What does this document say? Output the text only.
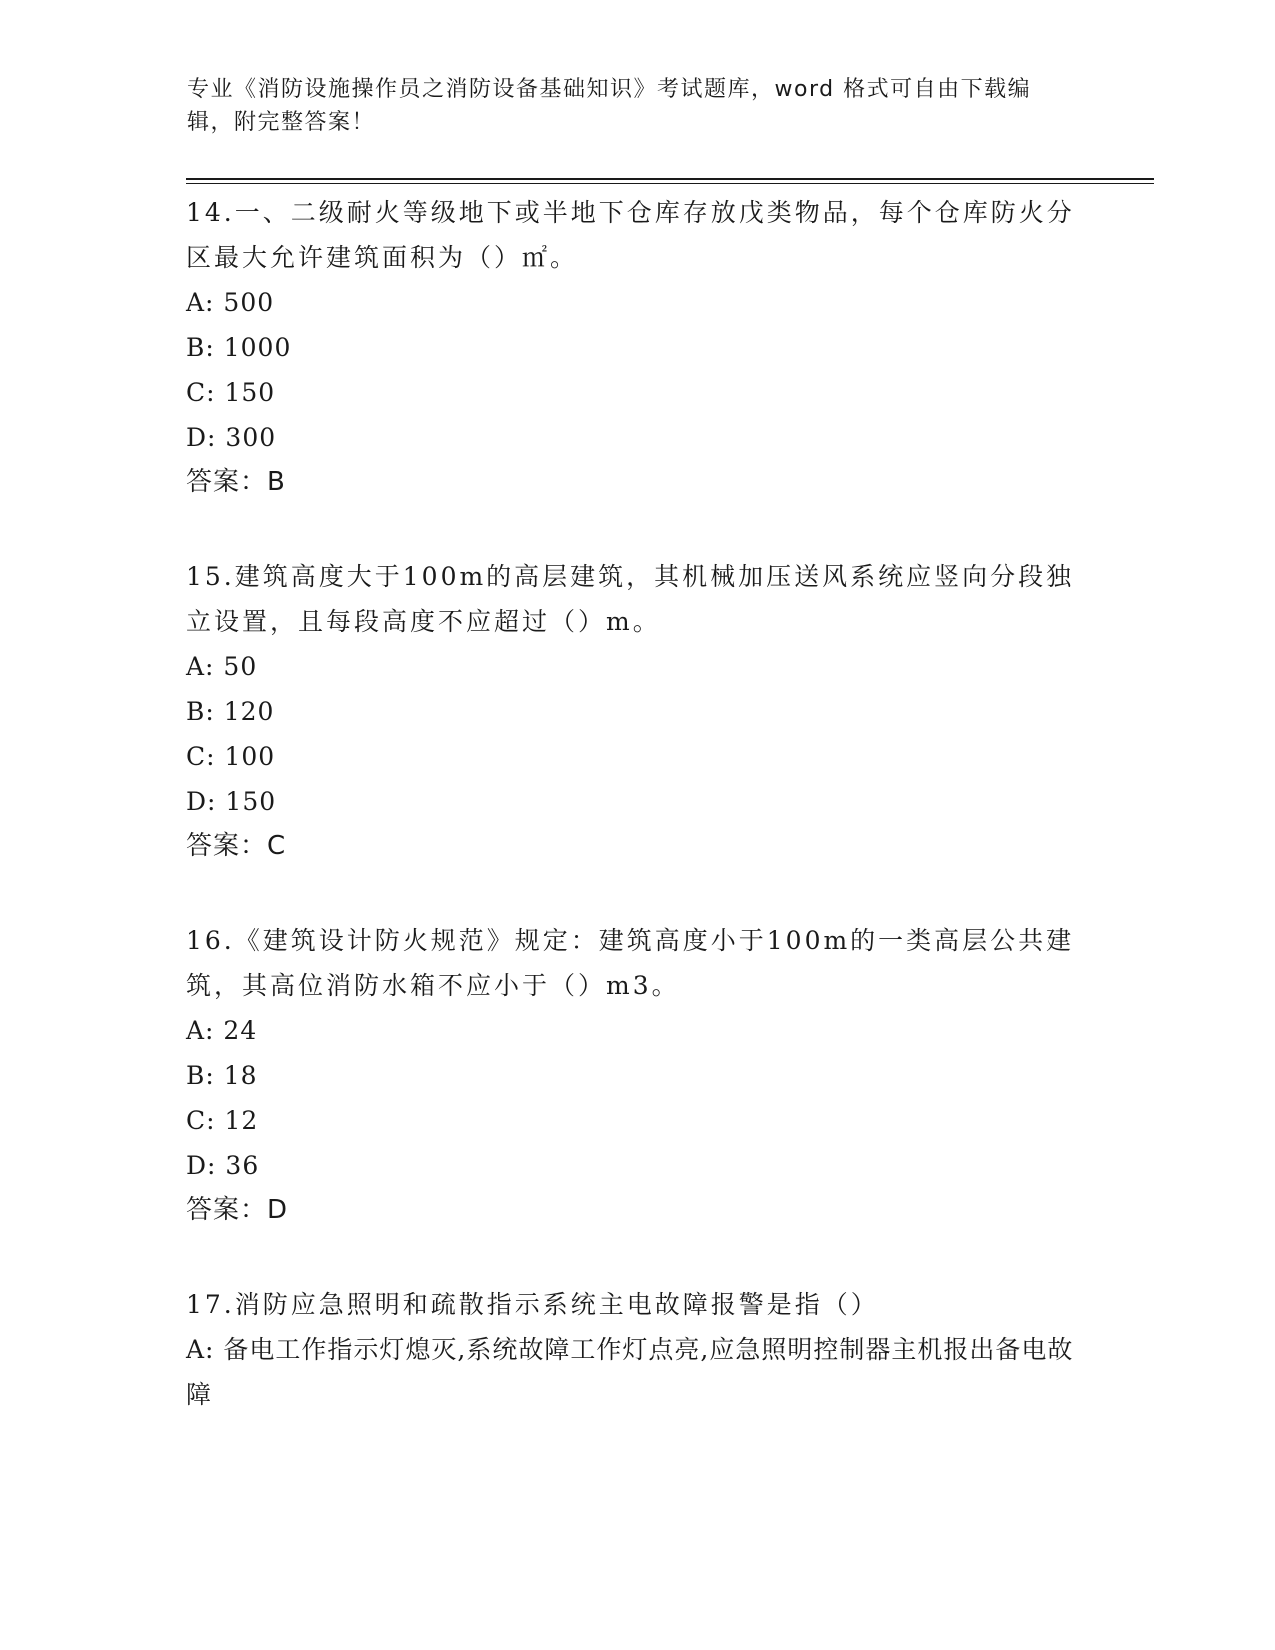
专业《消防设施操作员之消防设备基础知识》考试题库，word 格式可自由下载编辑，附完整答案！

14.一、二级耐火等级地下或半地下仓库存放戊类物品，每个仓库防火分区最大允许建筑面积为（）㎡。

A: 500

B: 1000

C: 150

D: 300

答案：B

15.建筑高度大于100m的高层建筑，其机械加压送风系统应竖向分段独立设置，且每段高度不应超过（）m。

A: 50

B: 120

C: 100

D: 150

答案：C

16.《建筑设计防火规范》规定：建筑高度小于100m的一类高层公共建筑，其高位消防水箱不应小于（）m3。

A: 24

B: 18

C: 12

D: 36

答案：D

17.消防应急照明和疏散指示系统主电故障报警是指（）

A: 备电工作指示灯熄灭,系统故障工作灯点亮,应急照明控制器主机报出备电故障
